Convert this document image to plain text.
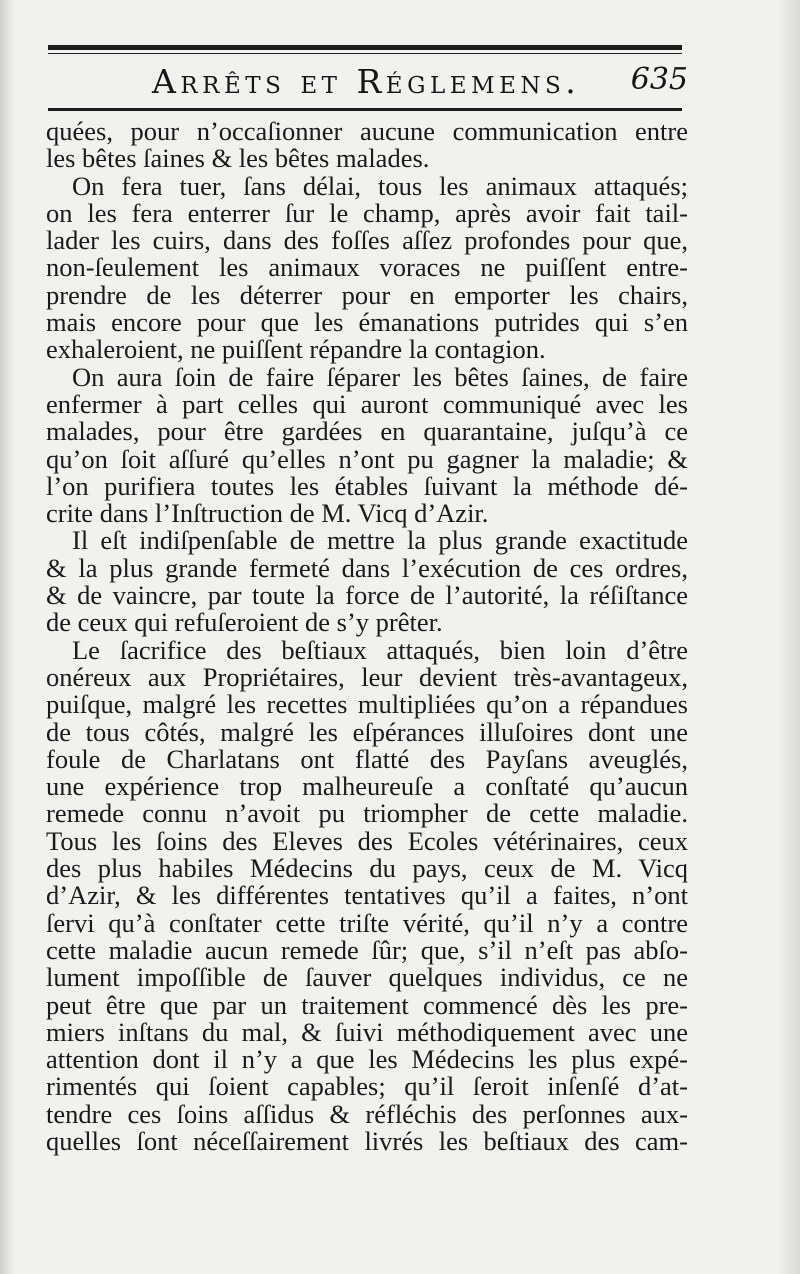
Arrêts et Réglemens. 635
quées, pour n’occaſionner aucune communication entre
les bêtes ſaines & les bêtes malades.
On fera tuer, ſans délai, tous les animaux attaqués;
on les fera enterrer ſur le champ, après avoir fait tail-
lader les cuirs, dans des foſſes aſſez profondes pour que,
non-ſeulement les animaux voraces ne puiſſent entre-
prendre de les déterrer pour en emporter les chairs,
mais encore pour que les émanations putrides qui s’en
exhaleroient, ne puiſſent répandre la contagion.
On aura ſoin de faire ſéparer les bêtes ſaines, de faire
enfermer à part celles qui auront communiqué avec les
malades, pour être gardées en quarantaine, juſqu’à ce
qu’on ſoit aſſuré qu’elles n’ont pu gagner la maladie; &
l’on purifiera toutes les étables ſuivant la méthode dé-
crite dans l’Inſtruction de M. Vicq d’Azir.
Il eſt indiſpenſable de mettre la plus grande exactitude
& la plus grande fermeté dans l’exécution de ces ordres,
& de vaincre, par toute la force de l’autorité, la réſiſtance
de ceux qui refuſeroient de s’y prêter.
Le ſacrifice des beſtiaux attaqués, bien loin d’être
onéreux aux Propriétaires, leur devient très-avantageux,
puiſque, malgré les recettes multipliées qu’on a répandues
de tous côtés, malgré les eſpérances illuſoires dont une
foule de Charlatans ont flatté des Payſans aveuglés,
une expérience trop malheureuſe a conſtaté qu’aucun
remede connu n’avoit pu triompher de cette maladie.
Tous les ſoins des Eleves des Ecoles vétérinaires, ceux
des plus habiles Médecins du pays, ceux de M. Vicq
d’Azir, & les différentes tentatives qu’il a faites, n’ont
ſervi qu’à conſtater cette triſte vérité, qu’il n’y a contre
cette maladie aucun remede ſûr; que, s’il n’eſt pas abſo-
lument impoſſible de ſauver quelques individus, ce ne
peut être que par un traitement commencé dès les pre-
miers inſtans du mal, & ſuivi méthodiquement avec une
attention dont il n’y a que les Médecins les plus expé-
rimentés qui ſoient capables; qu’il ſeroit inſenſé d’at-
tendre ces ſoins aſſidus & réfléchis des perſonnes aux-
quelles ſont néceſſairement livrés les beſtiaux des cam-
